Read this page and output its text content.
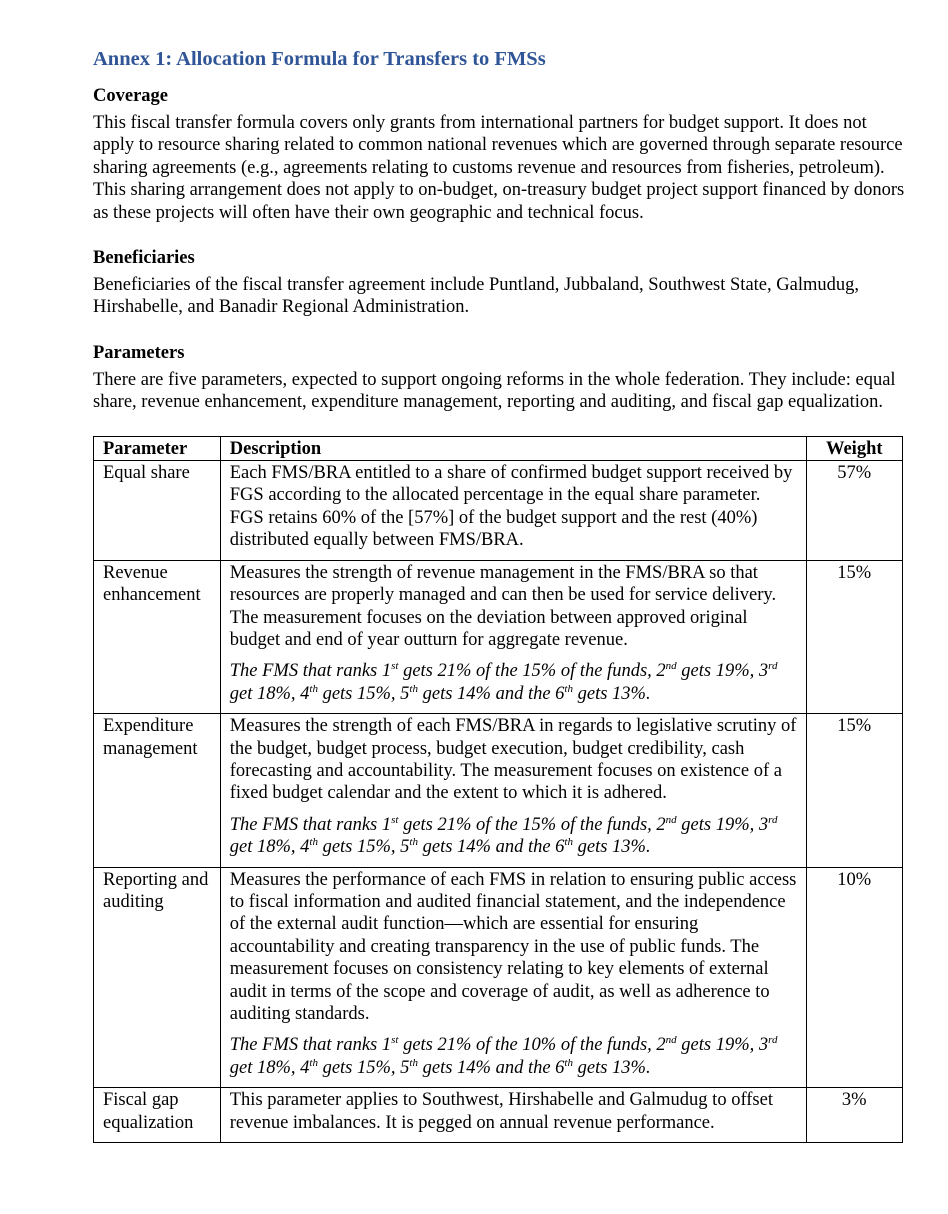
Annex 1: Allocation Formula for Transfers to FMSs
Coverage

This fiscal transfer formula covers only grants from international partners for budget support. It does not apply to resource sharing related to common national revenues which are governed through separate resource sharing agreements (e.g., agreements relating to customs revenue and resources from fisheries, petroleum). This sharing arrangement does not apply to on-budget, on-treasury budget project support financed by donors as these projects will often have their own geographic and technical focus.

Beneficiaries

Beneficiaries of the fiscal transfer agreement include Puntland, Jubbaland, Southwest State, Galmudug, Hirshabelle, and Banadir Regional Administration.

Parameters

There are five parameters, expected to support ongoing reforms in the whole federation. They include: equal share, revenue enhancement, expenditure management, reporting and auditing, and fiscal gap equalization.

Parameter	Description	Weight
Equal share	Each FMS/BRA entitled to a share of confirmed budget support received by FGS according to the allocated percentage in the equal share parameter. FGS retains 60% of the [57%] of the budget support and the rest (40%) distributed equally between FMS/BRA.	57%
Revenue enhancement	Measures the strength of revenue management in the FMS/BRA so that resources are properly managed and can then be used for service delivery. The measurement focuses on the deviation between approved original budget and end of year outturn for aggregate revenue.
The FMS that ranks 1st gets 21% of the 15% of the funds, 2nd gets 19%, 3rd get 18%, 4th gets 15%, 5th gets 14% and the 6th gets 13%.	15%
Expenditure management	Measures the strength of each FMS/BRA in regards to legislative scrutiny of the budget, budget process, budget execution, budget credibility, cash forecasting and accountability. The measurement focuses on existence of a fixed budget calendar and the extent to which it is adhered.
The FMS that ranks 1st gets 21% of the 15% of the funds, 2nd gets 19%, 3rd get 18%, 4th gets 15%, 5th gets 14% and the 6th gets 13%.	15%
Reporting and auditing	Measures the performance of each FMS in relation to ensuring public access to fiscal information and audited financial statement, and the independence of the external audit function—which are essential for ensuring accountability and creating transparency in the use of public funds. The measurement focuses on consistency relating to key elements of external audit in terms of the scope and coverage of audit, as well as adherence to auditing standards.
The FMS that ranks 1st gets 21% of the 10% of the funds, 2nd gets 19%, 3rd get 18%, 4th gets 15%, 5th gets 14% and the 6th gets 13%.	10%
Fiscal gap equalization	This parameter applies to Southwest, Hirshabelle and Galmudug to offset revenue imbalances. It is pegged on annual revenue performance.	3%
